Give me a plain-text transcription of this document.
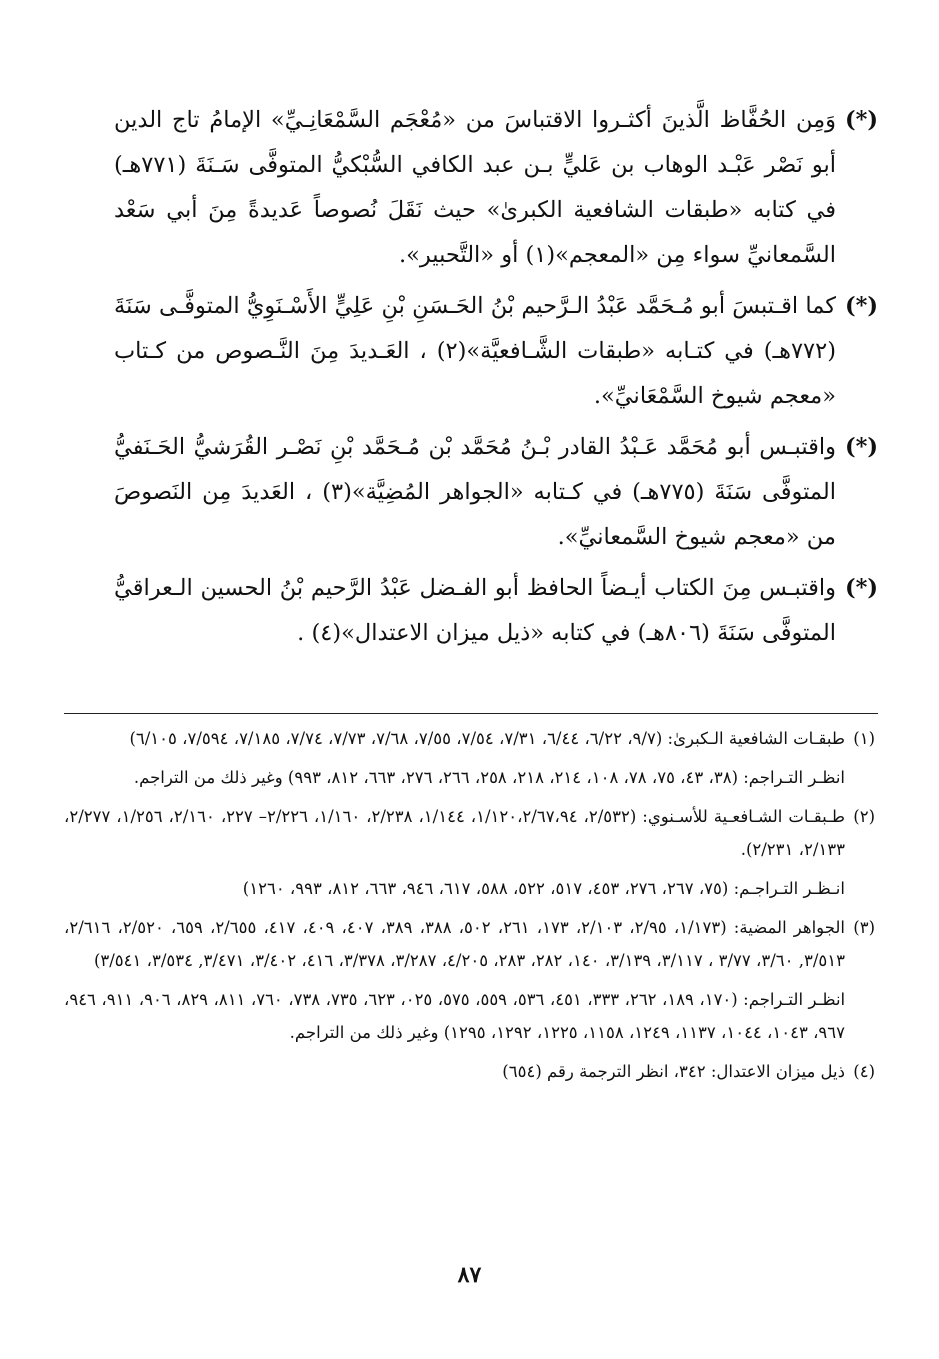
(*)
وَمِن الحُفَّاظ الَّذينَ أكثـروا الاقتباسَ من «مُعْجَم السَّمْعَانِـيِّ» الإمامُ تاج الدين أبو نَصْر عَبْـد الوهاب بن عَليٍّ بـن عبد الكافي السُّبْكيُّ المتوفَّى سَـنَةَ (٧٧١هـ) في كتابه «طبقات الشافعية الكبرىٰ» حيث نَقَلَ نُصوصاً عَديدةً مِنَ أبي سَعْد السَّمعانيِّ سواء مِن «المعجم»(١) أو «التَّحبير».

(*)
كما اقـتبسَ أبو مُـحَمَّد عَبْدُ الـرَّحيم بْنُ الحَـسَنِ بْنِ عَلِيٍّ الأَسْـنَوِيُّ المتوفَّـى سَنَةَ (٧٧٢هـ) في كتـابه «طبقات الشَّـافعيَّة»(٢) ، العَـديدَ مِنَ النَّـصوص من كـتاب «معجم شيوخ السَّمْعَانيِّ».

(*)
واقتبـس أبو مُحَمَّد عَـبْدُ القادر بْـنُ مُحَمَّد بْن مُـحَمَّد بْنِ نَصْـر القُرَشيُّ الحَـنَفيُّ المتوفَّى سَنَةَ (٧٧٥هـ) في كـتابه «الجواهر المُضِيَّة»(٣) ، العَديدَ مِن النَصوصَ من «معجم شيوخ السَّمعانيِّ».

(*)
واقتبـس مِنَ الكتاب أيـضاً الحافظ أبو الفـضل عَبْدُ الرَّحيم بْنُ الحسين الـعراقيُّ المتوفَّى سَنَةَ (٨٠٦هـ) في كتابه «ذيل ميزان الاعتدال»(٤) .

(١)

طبقـات الشافعية الـكبرىٰ: (٩/٧، ٦/٢٢، ٦/٤٤، ٧/٣١، ٧/٥٤، ٧/٥٥، ٧/٦٨، ٧/٧٣، ٧/٧٤، ٧/١٨٥، ٧/٥٩٤، ٦/١٠٥)

انظـر التـراجم: (٣٨، ٤٣، ٧٥، ٧٨، ١٠٨، ٢١٤، ٢١٨، ٢٥٨، ٢٦٦، ٢٧٦، ٦٦٣، ٨١٢، ٩٩٣) وغير ذلك من التراجم.

(٢)

طـبقـات الشـافعـية للأسـنوي: (٢/٥٣٢، ١/١٢٠،٢/٦٧،٩٤، ١/١٤٤، ٢/٢٣٨، ١/١٦٠، ٢/٢٢٦– ٢٢٧، ٢/١٦٠، ١/٢٥٦، ٢/٢٧٧، ٢/١٣٣، ٢/٢٣١).

انـظـر التـراجـم: (٧٥، ٢٦٧، ٢٧٦، ٤٥٣، ٥١٧، ٥٢٢، ٥٨٨، ٦١٧، ٩٤٦، ٦٦٣، ٨١٢، ٩٩٣، ١٢٦٠)

(٣)

الجواهر المضية: (١/١٧٣، ٢/٩٥، ٢/١٠٣، ١٧٣، ٢٦١، ٥٠٢، ٣٨٨، ٣٨٩، ٤٠٧، ٤٠٩، ٤١٧، ٢/٦٥٥، ٦٥٩، ٢/٥٢٠، ٢/٦١٦، ٣/٥١٣, ٣/٦٠، ٣/٧٧ ، ٣/١١٧، ٣/١٣٩، ١٤٠، ٢٨٢، ٢٨٣، ٤/٢٠٥، ٣/٢٨٧، ٣/٣٧٨، ٤١٦، ٣/٤٠٢، ٣/٤٧١, ٣/٥٣٤، ٣/٥٤١)

انظـر التـراجم: (١٧٠، ١٨٩، ٢٦٢، ٣٣٣، ٤٥١، ٥٣٦، ٥٥٩، ٥٧٥، ٠٢٥، ٦٢٣، ٧٣٥، ٧٣٨، ٧٦٠، ٨١١، ٨٢٩، ٩٠٦، ٩١١، ٩٤٦، ٩٦٧، ١٠٤٣، ١٠٤٤، ١١٣٧، ١٢٤٩، ١١٥٨، ١٢٢٥، ١٢٩٢، ١٢٩٥) وغير ذلك من التراجم.

(٤)

ذيل ميزان الاعتدال: ٣٤٢، انظر الترجمة رقم (٦٥٤)

٨٧
